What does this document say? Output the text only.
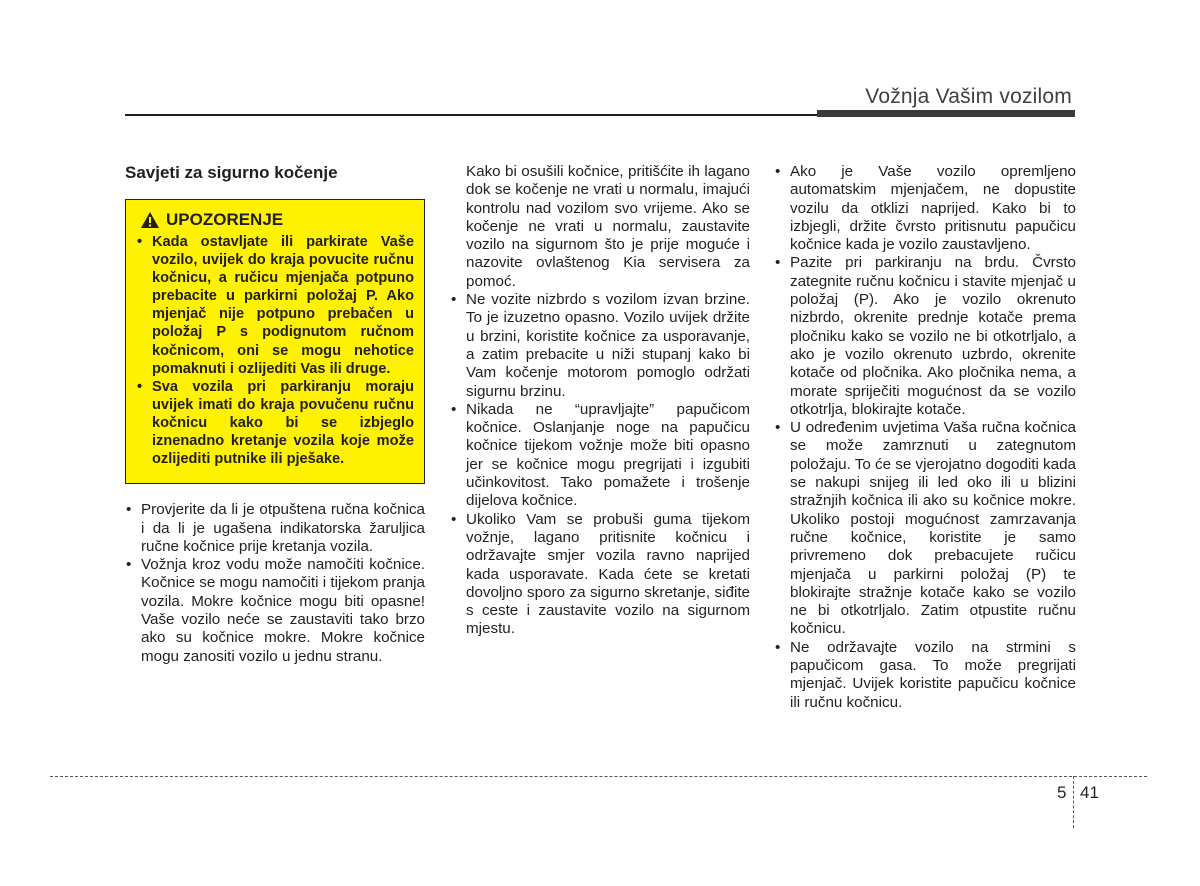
Vožnja Vašim vozilom
Savjeti za sigurno kočenje
UPOZORENJE
• Kada ostavljate ili parkirate Vaše vozilo, uvijek do kraja povucite ručnu kočnicu, a ručicu mjenjača potpuno prebacite u parkirni položaj P. Ako mjenjač nije potpuno prebačen u položaj P s podignutom ručnom kočnicom, oni se mogu nehotice pomaknuti i ozlijediti Vas ili druge.
• Sva vozila pri parkiranju moraju uvijek imati do kraja povučenu ručnu kočnicu kako bi se izbjeglo iznenadno kretanje vozila koje može ozlijediti putnike ili pješake.
• Provjerite da li je otpuštena ručna kočnica i da li je ugašena indikatorska žaruljica ručne kočnice prije kretanja vozila.
• Vožnja kroz vodu može namočiti kočnice. Kočnice se mogu namočiti i tijekom pranja vozila. Mokre kočnice mogu biti opasne! Vaše vozilo neće se zaustaviti tako brzo ako su kočnice mokre. Mokre kočnice mogu zanositi vozilo u jednu stranu.

Kako bi osušili kočnice, pritišćite ih lagano dok se kočenje ne vrati u normalu, imajući kontrolu nad vozilom svo vrijeme. Ako se kočenje ne vrati u normalu, zaustavite vozilo na sigurnom što je prije moguće i nazovite ovlaštenog Kia servisera za pomoć.

• Ne vozite nizbrdo s vozilom izvan brzine. To je izuzetno opasno. Vozilo uvijek držite u brzini, koristite kočnice za usporavanje, a zatim prebacite u niži stupanj kako bi Vam kočenje motorom pomoglo održati sigurnu brzinu.
• Nikada ne “upravljajte” papučicom kočnice. Oslanjanje noge na papučicu kočnice tijekom vožnje može biti opasno jer se kočnice mogu pregrijati i izgubiti učinkovitost. Tako pomažete i trošenje dijelova kočnice.
• Ukoliko Vam se probuši guma tijekom vožnje, lagano pritisnite kočnicu i održavajte smjer vozila ravno naprijed kada usporavate. Kada ćete se kretati dovoljno sporo za sigurno skretanje, siđite s ceste i zaustavite vozilo na sigurnom mjestu.
• Ako je Vaše vozilo opremljeno automatskim mjenjačem, ne dopustite vozilu da otklizi naprijed. Kako bi to izbjegli, držite čvrsto pritisnutu papučicu kočnice kada je vozilo zaustavljeno.
• Pazite pri parkiranju na brdu. Čvrsto zategnite ručnu kočnicu i stavite mjenjač u položaj (P). Ako je vozilo okrenuto nizbrdo, okrenite prednje kotače prema pločniku kako se vozilo ne bi otkotrljalo, a ako je vozilo okrenuto uzbrdo, okrenite kotače od pločnika. Ako pločnika nema, a morate spriječiti mogućnost da se vozilo otkotrlja, blokirajte kotače.
• U određenim uvjetima Vaša ručna kočnica se može zamrznuti u zategnutom položaju. To će se vjerojatno dogoditi kada se nakupi snijeg ili led oko ili u blizini stražnjih kočnica ili ako su kočnice mokre. Ukoliko postoji mogućnost zamrzavanja ručne kočnice, koristite je samo privremeno dok prebacujete ručicu mjenjača u parkirni položaj (P) te blokirajte stražnje kotače kako se vozilo ne bi otkotrljalo. Zatim otpustite ručnu kočnicu.
• Ne održavajte vozilo na strmini s papučicom gasa. To može pregrijati mjenjač. Uvijek koristite papučicu kočnice ili ručnu kočnicu.
5 41
